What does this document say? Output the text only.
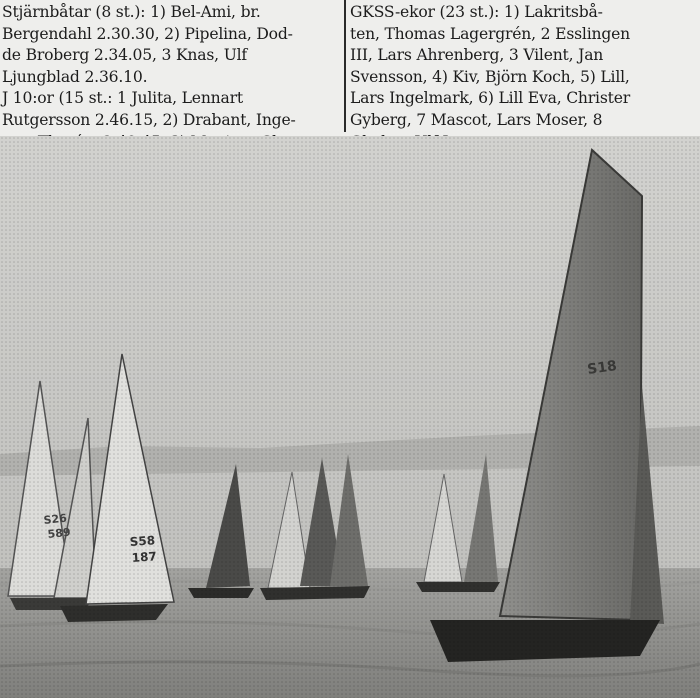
Stjärnbåtar (8 st.): 1) Bel-Ami, br.
Bergendahl 2.30.30, 2) Pipelina, Dod-
de Broberg 2.34.05, 3 Knas, Ulf
Ljungblad 2.36.10.
J 10:or (15 st.: 1 Julita, Lennart
Rutgersson 2.46.15, 2) Drabant, Inge-
GKSS-ekor (23 st.): 1) Lakritsbå-
ten, Thomas Lagergrén, 2 Esslingen
III, Lars Ahrenberg, 3 Vilent, Jan
Svensson, 4) Kiv, Björn Koch, 5) Lill,
Lars Ingelmark, 6) Lill Eva, Christer
Gyberg, 7 Mascot, Lars Moser, 8
